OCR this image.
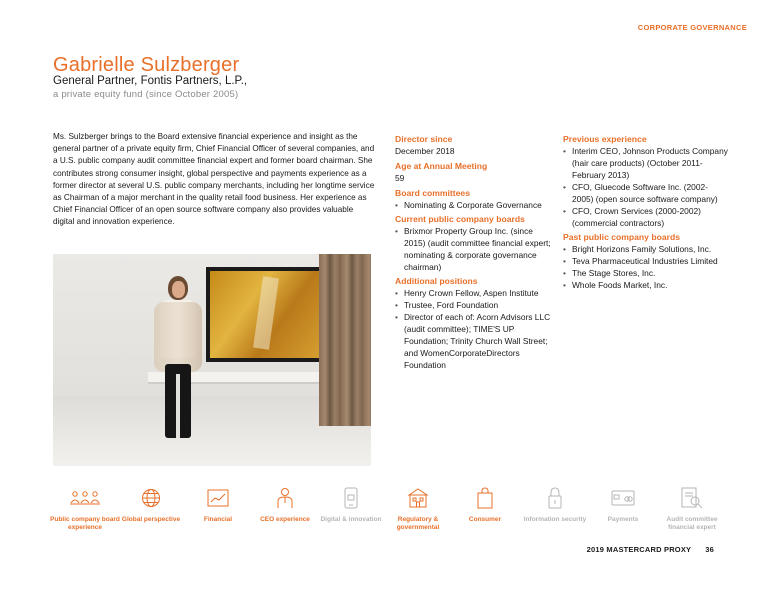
CORPORATE GOVERNANCE
Gabrielle Sulzberger
General Partner, Fontis Partners, L.P.,
a private equity fund (since October 2005)

Ms. Sulzberger brings to the Board extensive financial experience and insight as the general partner of a private equity firm, Chief Financial Officer of several companies, and a U.S. public company audit committee financial expert and former board chairman. She contributes strong consumer insight, global perspective and payments experience as a former director at several U.S. public company merchants, including her longtime service as Chairman of a major merchant in the quality retail food business. Her experience as Chief Financial Officer of an open source software company also provides valuable digital and innovation experience.

Director since
December 2018
Age at Annual Meeting
59
Board committees
• Nominating & Corporate Governance
Current public company boards
• Brixmor Property Group Inc. (since 2015) (audit committee financial expert; nominating & corporate governance chairman)
Additional positions
• Henry Crown Fellow, Aspen Institute
• Trustee, Ford Foundation
• Director of each of: Acorn Advisors LLC (audit committee); TIME'S UP Foundation; Trinity Church Wall Street; and WomenCorporateDirectors Foundation
Previous experience
• Interim CEO, Johnson Products Company (hair care products) (October 2011-February 2013)
• CFO, Gluecode Software Inc. (2002-2005) (open source software company)
• CFO, Crown Services (2000-2002) (commercial contractors)
Past public company boards
• Bright Horizons Family Solutions, Inc.
• Teva Pharmaceutical Industries Limited
• The Stage Stores, Inc.
• Whole Foods Market, Inc.
Public company board experience
Global perspective	Financial	CEO experience	Digital & innovation	Regulatory & governmental
Consumer	Information security	Payments	Audit committee financial expert
2019 MASTERCARD PROXY 36
